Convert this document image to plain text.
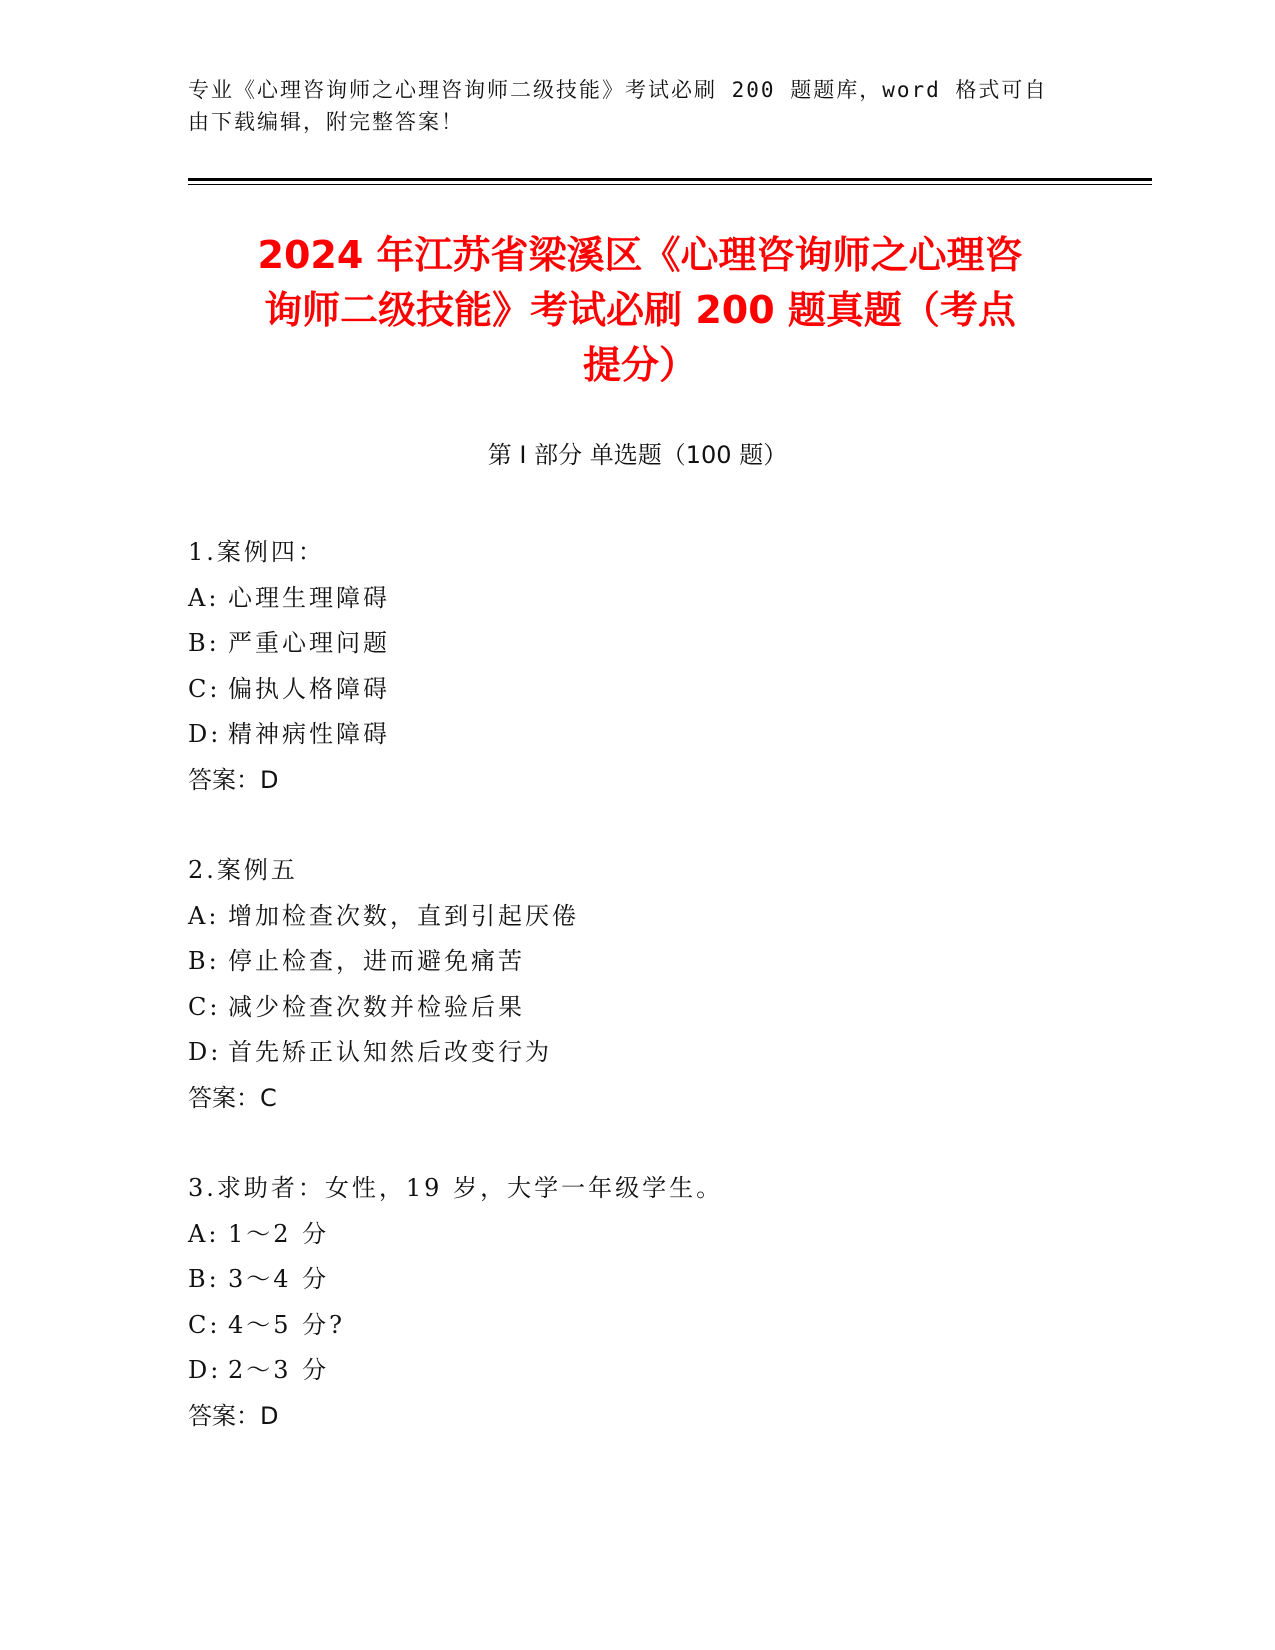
专业《心理咨询师之心理咨询师二级技能》考试必刷 200 题题库，word 格式可自
由下载编辑，附完整答案！
2024 年江苏省梁溪区《心理咨询师之心理咨
询师二级技能》考试必刷 200 题真题（考点
提分）
第 I 部分 单选题（100 题）
1.案例四：
A: 心理生理障碍
B: 严重心理问题
C: 偏执人格障碍
D: 精神病性障碍
答案：D
2.案例五
A: 增加检查次数，直到引起厌倦
B: 停止检查，进而避免痛苦
C: 减少检查次数并检验后果
D: 首先矫正认知然后改变行为
答案：C
3.求助者：女性，19 岁，大学一年级学生。
A: 1～2 分
B: 3～4 分
C: 4～5 分?
D: 2～3 分
答案：D
